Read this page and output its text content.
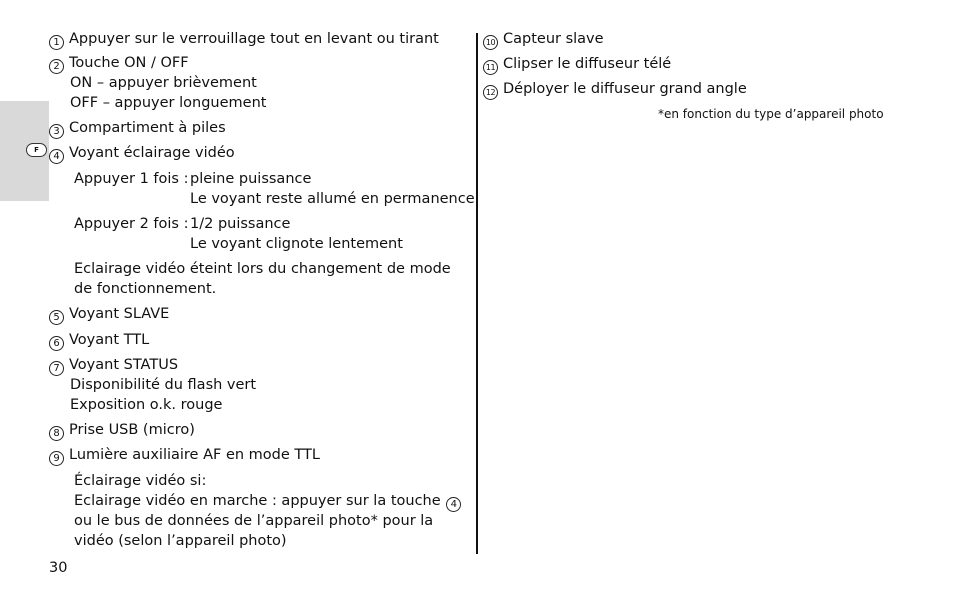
F
1 Appuyer sur le verrouillage tout en levant ou tirant
2 Touche ON / OFF
ON – appuyer brièvement
OFF – appuyer longuement
3 Compartiment à piles
4 Voyant éclairage vidéo
Appuyer 1 fois : pleine puissance
Le voyant reste allumé en permanence
Appuyer 2 fois : 1/2 puissance
Le voyant clignote lentement
Eclairage vidéo éteint lors du changement de mode
de fonctionnement.
5 Voyant SLAVE
6 Voyant TTL
7 Voyant STATUS
Disponibilité du flash vert
Exposition o.k. rouge
8 Prise USB (micro)
9 Lumière auxiliaire AF en mode TTL
Éclairage vidéo si:
Eclairage vidéo en marche : appuyer sur la touche 4
ou le bus de données de l’appareil photo* pour la
vidéo (selon l’appareil photo)
10 Capteur slave
11 Clipser le diffuseur télé
12 Déployer le diffuseur grand angle
*en fonction du type d’appareil photo
30
